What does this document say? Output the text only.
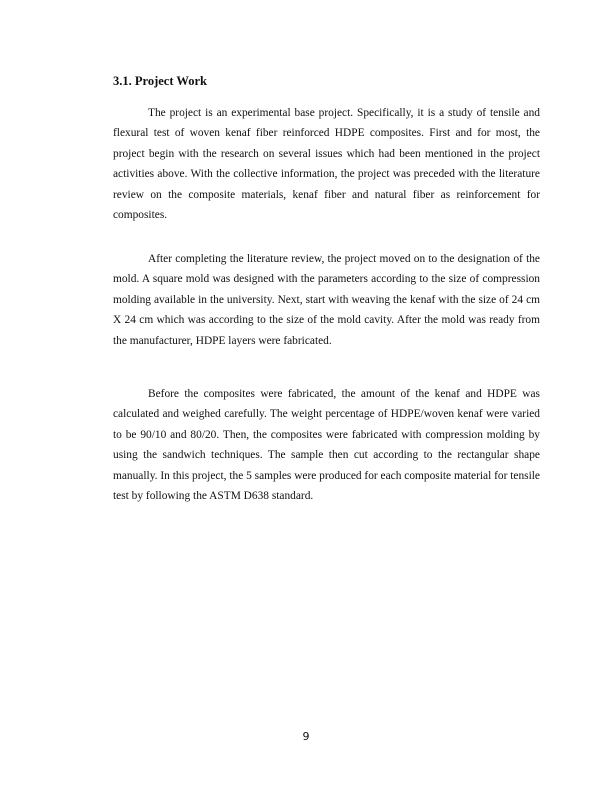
3.1. Project Work

The project is an experimental base project. Specifically, it is a study of tensile and flexural test of woven kenaf fiber reinforced HDPE composites. First and for most, the project begin with the research on several issues which had been mentioned in the project activities above. With the collective information, the project was preceded with the literature review on the composite materials, kenaf fiber and natural fiber as reinforcement for composites.

After completing the literature review, the project moved on to the designation of the mold. A square mold was designed with the parameters according to the size of compression molding available in the university. Next, start with weaving the kenaf with the size of 24 cm X 24 cm which was according to the size of the mold cavity. After the mold was ready from the manufacturer, HDPE layers were fabricated.

Before the composites were fabricated, the amount of the kenaf and HDPE was calculated and weighed carefully. The weight percentage of HDPE/woven kenaf were varied to be 90/10 and 80/20. Then, the composites were fabricated with compression molding by using the sandwich techniques. The sample then cut according to the rectangular shape manually. In this project, the 5 samples were produced for each composite material for tensile test by following the ASTM D638 standard.

9
